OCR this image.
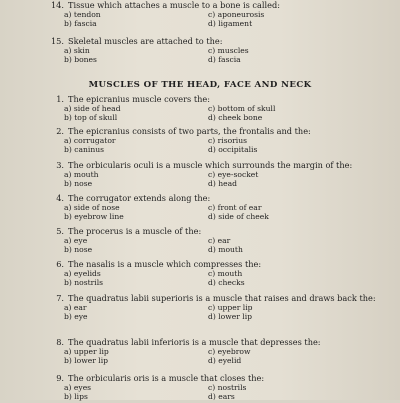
14. Tissue which attaches a muscle to a bone is called:
a) tendon
b) fascia
c) aponeurosis
d) ligament
15. Skeletal muscles are attached to the:
a) skin
b) bones
c) muscles
d) fascia
MUSCLES OF THE HEAD, FACE AND NECK
1. The epicranius muscle covers the:
a) side of head
b) top of skull
c) bottom of skull
d) cheek bone
2. The epicranius consists of two parts, the frontalis and the:
a) corrugator
b) caninus
c) risorius
d) occipitalis
3. The orbicularis oculi is a muscle which surrounds the margin of the:
a) mouth
b) nose
c) eye-socket
d) head
4. The corrugator extends along the:
a) side of nose
b) eyebrow line
c) front of ear
d) side of cheek
5. The procerus is a muscle of the:
a) eye
b) nose
c) ear
d) mouth
6. The nasalis is a muscle which compresses the:
a) eyelids
b) nostrils
c) mouth
d) checks
7. The quadratus labii superioris is a muscle that raises and draws back the:
a) ear
b) eye
c) upper lip
d) lower lip
8. The quadratus labii inferioris is a muscle that depresses the:
a) upper lip
b) lower lip
c) eyebrow
d) eyelid
9. The orbicularis oris is a muscle that closes the:
a) eyes
b) lips
c) nostrils
d) ears
